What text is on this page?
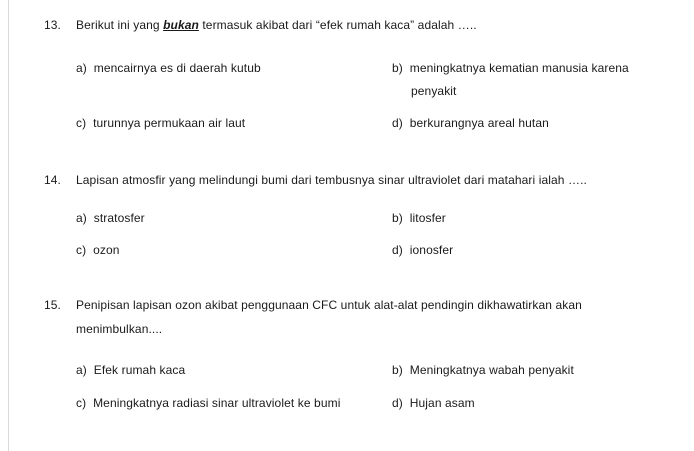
13. Berikut ini yang bukan termasuk akibat dari “efek rumah kaca” adalah …..
a) mencairnya es di daerah kutub	b) meningkatnya kematian manusia karena
penyakit
c) turunnya permukaan air laut	d) berkurangnya areal hutan
14. Lapisan atmosfir yang melindungi bumi dari tembusnya sinar ultraviolet dari matahari ialah …..
a) stratosfer	b) litosfer
c) ozon	d) ionosfer
15. Penipisan lapisan ozon akibat penggunaan CFC untuk alat-alat pendingin dikhawatirkan akan
menimbulkan....
a) Efek rumah kaca	b) Meningkatnya wabah penyakit
c) Meningkatnya radiasi sinar ultraviolet ke bumi	d) Hujan asam
